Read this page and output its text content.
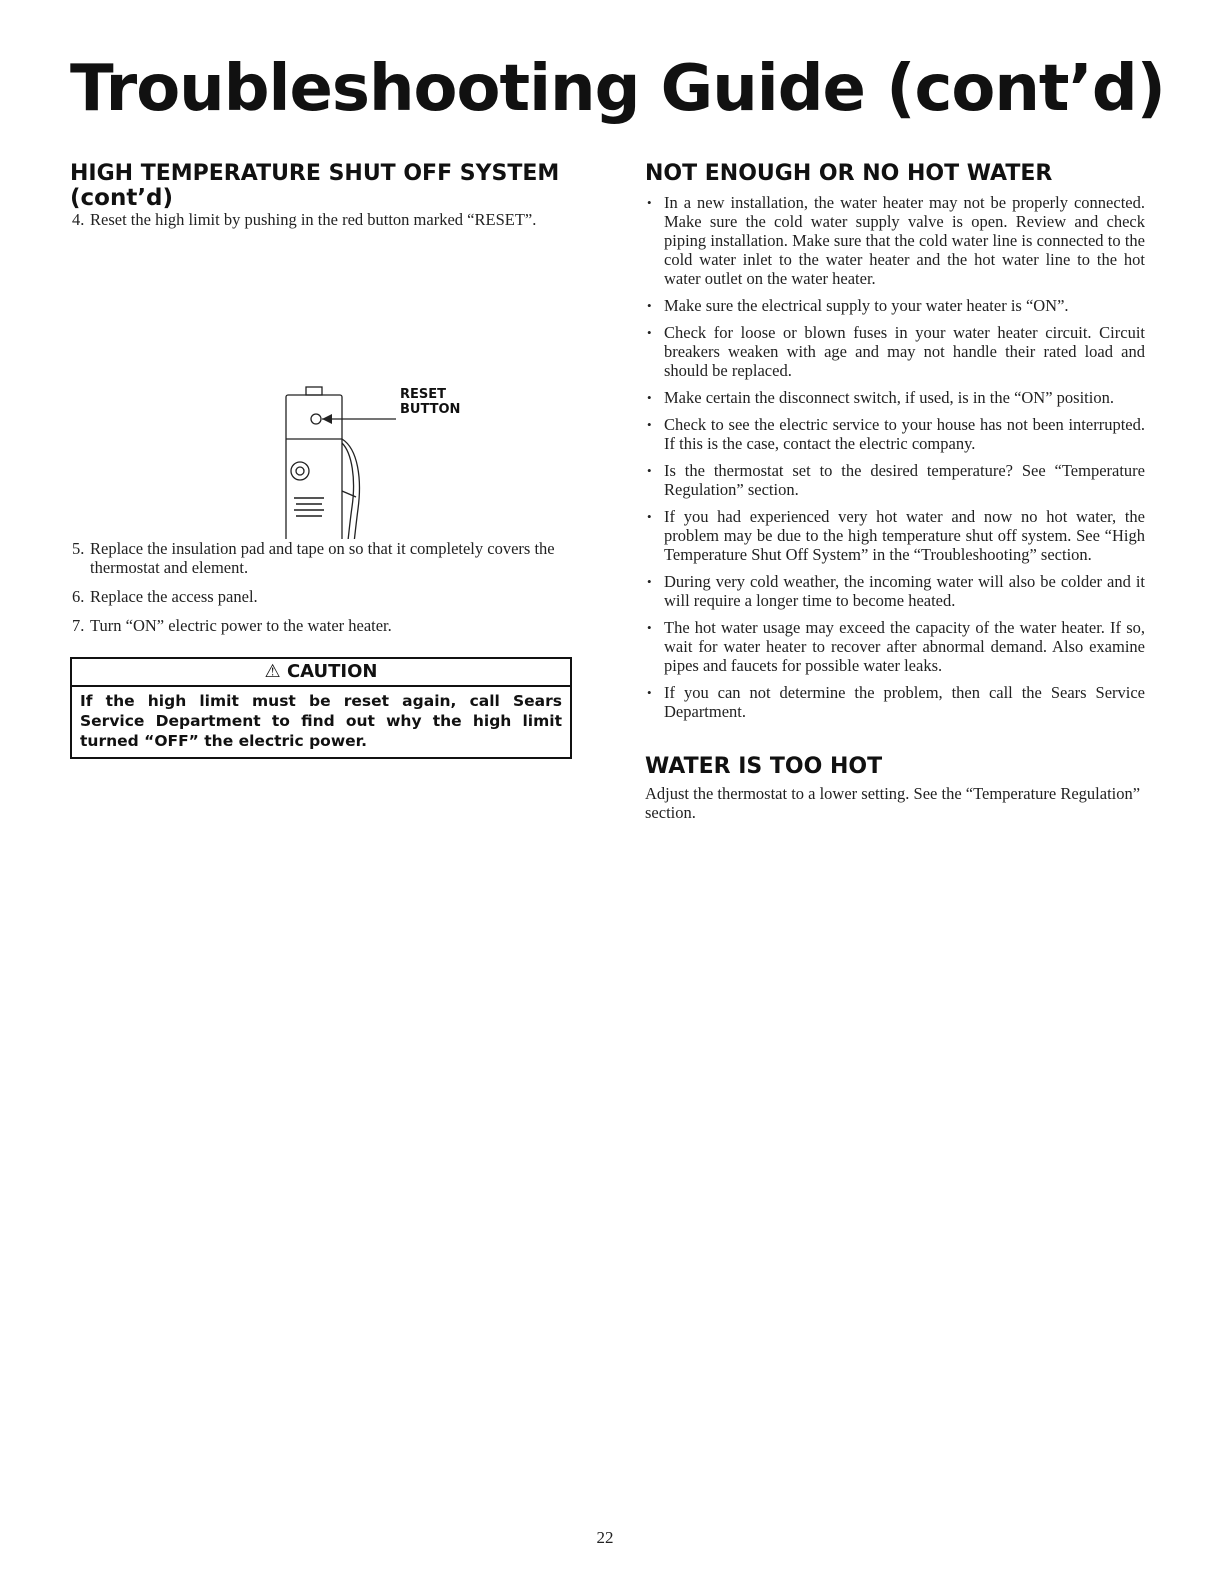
Troubleshooting Guide (cont’d)
HIGH TEMPERATURE SHUT OFF SYSTEM
(cont’d)
4. Reset the high limit by pushing in the red button marked “RESET”.
RESET
BUTTON
5. Replace the insulation pad and tape on so that it completely covers the thermostat and element.
6. Replace the access panel.
7. Turn “ON” electric power to the water heater.
⚠ CAUTION
If the high limit must be reset again, call Sears Service Department to find out why the high limit turned “OFF” the electric power.
NOT ENOUGH OR NO HOT WATER
• In a new installation, the water heater may not be properly connected. Make sure the cold water supply valve is open. Review and check piping installation. Make sure that the cold water line is connected to the cold water inlet to the water heater and the hot water line to the hot water outlet on the water heater.
• Make sure the electrical supply to your water heater is “ON”.
• Check for loose or blown fuses in your water heater circuit. Circuit breakers weaken with age and may not handle their rated load and should be replaced.
• Make certain the disconnect switch, if used, is in the “ON” position.
• Check to see the electric service to your house has not been interrupted. If this is the case, contact the electric company.
• Is the thermostat set to the desired temperature? See “Temperature Regulation” section.
• If you had experienced very hot water and now no hot water, the problem may be due to the high temperature shut off system. See “High Temperature Shut Off System” in the “Troubleshooting” section.
• During very cold weather, the incoming water will also be colder and it will require a longer time to become heated.
• The hot water usage may exceed the capacity of the water heater. If so, wait for water heater to recover after abnormal demand. Also examine pipes and faucets for possible water leaks.
• If you can not determine the problem, then call the Sears Service Department.
WATER IS TOO HOT

Adjust the thermostat to a lower setting. See the “Temperature Regulation” section.

22
